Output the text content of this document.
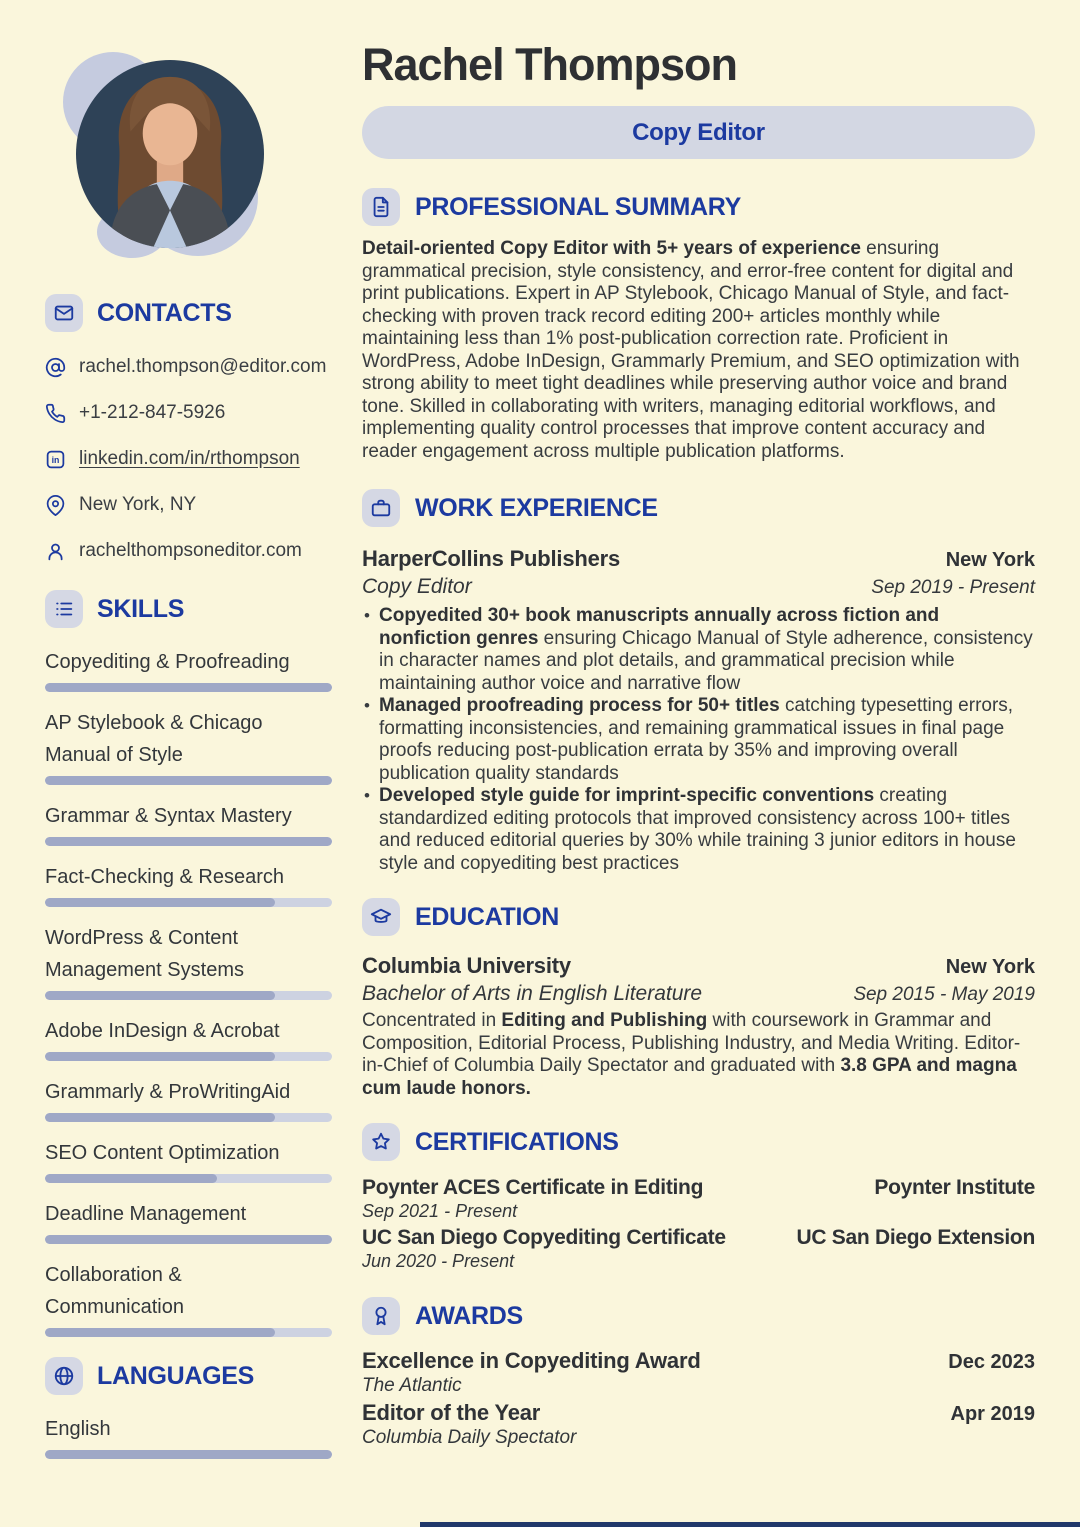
CONTACTS
rachel.thompson@editor.com
+1-212-847-5926
in linkedin.com/in/rthompson
New York, NY
rachelthompsoneditor.com
SKILLS
Copyediting & Proofreading
AP Stylebook & Chicago Manual of Style
Grammar & Syntax Mastery
Fact-Checking & Research
WordPress & Content Management Systems
Adobe InDesign & Acrobat
Grammarly & ProWritingAid
SEO Content Optimization
Deadline Management
Collaboration & Communication
LANGUAGES
English
Rachel Thompson
Copy Editor
PROFESSIONAL SUMMARY

Detail-oriented Copy Editor with 5+ years of experience ensuring grammatical precision, style consistency, and error-free content for digital and print publications. Expert in AP Stylebook, Chicago Manual of Style, and fact-checking with proven track record editing 200+ articles monthly while maintaining less than 1% post-publication correction rate. Proficient in WordPress, Adobe InDesign, Grammarly Premium, and SEO optimization with strong ability to meet tight deadlines while preserving author voice and brand tone. Skilled in collaborating with writers, managing editorial workflows, and implementing quality control processes that improve content accuracy and reader engagement across multiple publication platforms.

WORK EXPERIENCE
HarperCollins Publishers	New York
Copy Editor	Sep 2019 - Present
• Copyedited 30+ book manuscripts annually across fiction and nonfiction genres ensuring Chicago Manual of Style adherence, consistency in character names and plot details, and grammatical precision while maintaining author voice and narrative flow
• Managed proofreading process for 50+ titles catching typesetting errors, formatting inconsistencies, and remaining grammatical issues in final page proofs reducing post-publication errata by 35% and improving overall publication quality standards
• Developed style guide for imprint-specific conventions creating standardized editing protocols that improved consistency across 100+ titles and reduced editorial queries by 30% while training 3 junior editors in house style and copyediting best practices
EDUCATION
Columbia University	New York
Bachelor of Arts in English Literature	Sep 2015 - May 2019

Concentrated in Editing and Publishing with coursework in Grammar and Composition, Editorial Process, Publishing Industry, and Media Writing. Editor-in-Chief of Columbia Daily Spectator and graduated with 3.8 GPA and magna cum laude honors.

CERTIFICATIONS
Poynter ACES Certificate in Editing	Poynter Institute
Sep 2021 - Present
UC San Diego Copyediting Certificate	UC San Diego Extension
Jun 2020 - Present
AWARDS
Excellence in Copyediting Award	Dec 2023
The Atlantic
Editor of the Year	Apr 2019
Columbia Daily Spectator
